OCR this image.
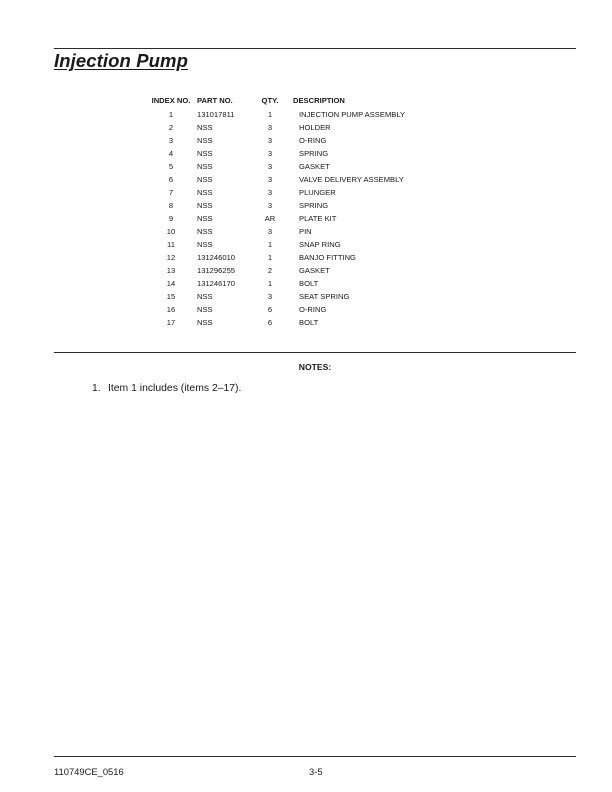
Injection Pump
INDEX NO.	PART NO.	QTY.	DESCRIPTION
1	131017811	1	INJECTION PUMP ASSEMBLY
2	NSS	3	HOLDER
3	NSS	3	O-RING
4	NSS	3	SPRING
5	NSS	3	GASKET
6	NSS	3	VALVE DELIVERY ASSEMBLY
7	NSS	3	PLUNGER
8	NSS	3	SPRING
9	NSS	AR	PLATE KIT
10	NSS	3	PIN
11	NSS	1	SNAP RING
12	131246010	1	BANJO FITTING
13	131296255	2	GASKET
14	131246170	1	BOLT
15	NSS	3	SEAT SPRING
16	NSS	6	O-RING
17	NSS	6	BOLT
NOTES:
1. Item 1 includes (items 2–17).
110749CE_0516	3-5
